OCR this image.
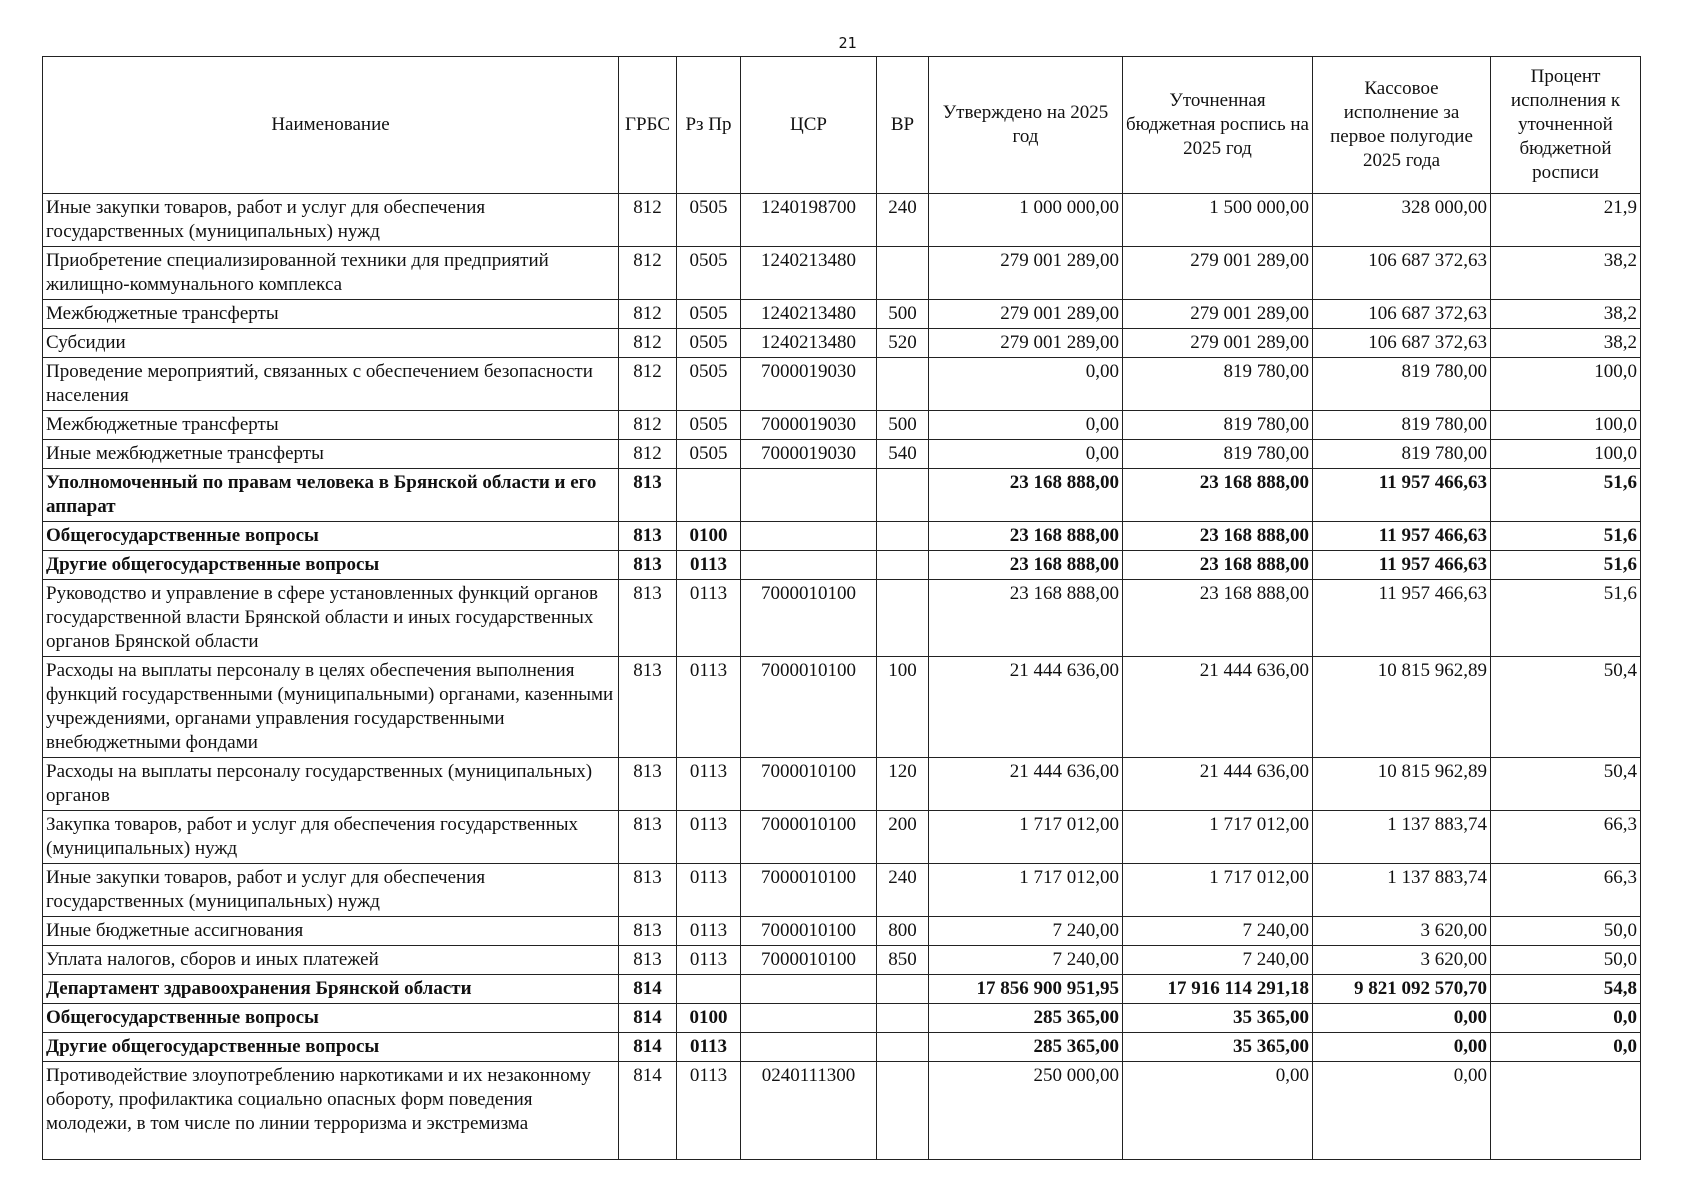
21
Наименование	ГРБС	Рз Пр	ЦСР	ВР	Утверждено на 2025 год	Уточненная бюджетная роспись на 2025 год	Кассовое исполнение за первое полугодие 2025 года	Процент исполнения к уточненной бюджетной росписи
Иные закупки товаров, работ и услуг для обеспечения государственных (муниципальных) нужд	812	0505	1240198700	240	1 000 000,00	1 500 000,00	328 000,00	21,9
Приобретение специализированной техники для предприятий жилищно-коммунального комплекса	812	0505	1240213480		279 001 289,00	279 001 289,00	106 687 372,63	38,2
Межбюджетные трансферты	812	0505	1240213480	500	279 001 289,00	279 001 289,00	106 687 372,63	38,2
Субсидии	812	0505	1240213480	520	279 001 289,00	279 001 289,00	106 687 372,63	38,2
Проведение мероприятий, связанных с обеспечением безопасности населения	812	0505	7000019030		0,00	819 780,00	819 780,00	100,0
Межбюджетные трансферты	812	0505	7000019030	500	0,00	819 780,00	819 780,00	100,0
Иные межбюджетные трансферты	812	0505	7000019030	540	0,00	819 780,00	819 780,00	100,0
Уполномоченный по правам человека в Брянской области и его аппарат	813				23 168 888,00	23 168 888,00	11 957 466,63	51,6
Общегосударственные вопросы	813	0100			23 168 888,00	23 168 888,00	11 957 466,63	51,6
Другие общегосударственные вопросы	813	0113			23 168 888,00	23 168 888,00	11 957 466,63	51,6
Руководство и управление в сфере установленных функций органов государственной власти Брянской области и иных государственных органов Брянской области	813	0113	7000010100		23 168 888,00	23 168 888,00	11 957 466,63	51,6
Расходы на выплаты персоналу в целях обеспечения выполнения функций государственными (муниципальными) органами, казенными учреждениями, органами управления государственными внебюджетными фондами	813	0113	7000010100	100	21 444 636,00	21 444 636,00	10 815 962,89	50,4
Расходы на выплаты персоналу государственных (муниципальных) органов	813	0113	7000010100	120	21 444 636,00	21 444 636,00	10 815 962,89	50,4
Закупка товаров, работ и услуг для обеспечения государственных (муниципальных) нужд	813	0113	7000010100	200	1 717 012,00	1 717 012,00	1 137 883,74	66,3
Иные закупки товаров, работ и услуг для обеспечения государственных (муниципальных) нужд	813	0113	7000010100	240	1 717 012,00	1 717 012,00	1 137 883,74	66,3
Иные бюджетные ассигнования	813	0113	7000010100	800	7 240,00	7 240,00	3 620,00	50,0
Уплата налогов, сборов и иных платежей	813	0113	7000010100	850	7 240,00	7 240,00	3 620,00	50,0
Департамент здравоохранения Брянской области	814				17 856 900 951,95	17 916 114 291,18	9 821 092 570,70	54,8
Общегосударственные вопросы	814	0100			285 365,00	35 365,00	0,00	0,0
Другие общегосударственные вопросы	814	0113			285 365,00	35 365,00	0,00	0,0
Противодействие злоупотреблению наркотиками и их незаконному обороту, профилактика социально опасных форм поведения молодежи, в том числе по линии терроризма и экстремизма	814	0113	0240111300		250 000,00	0,00	0,00	
